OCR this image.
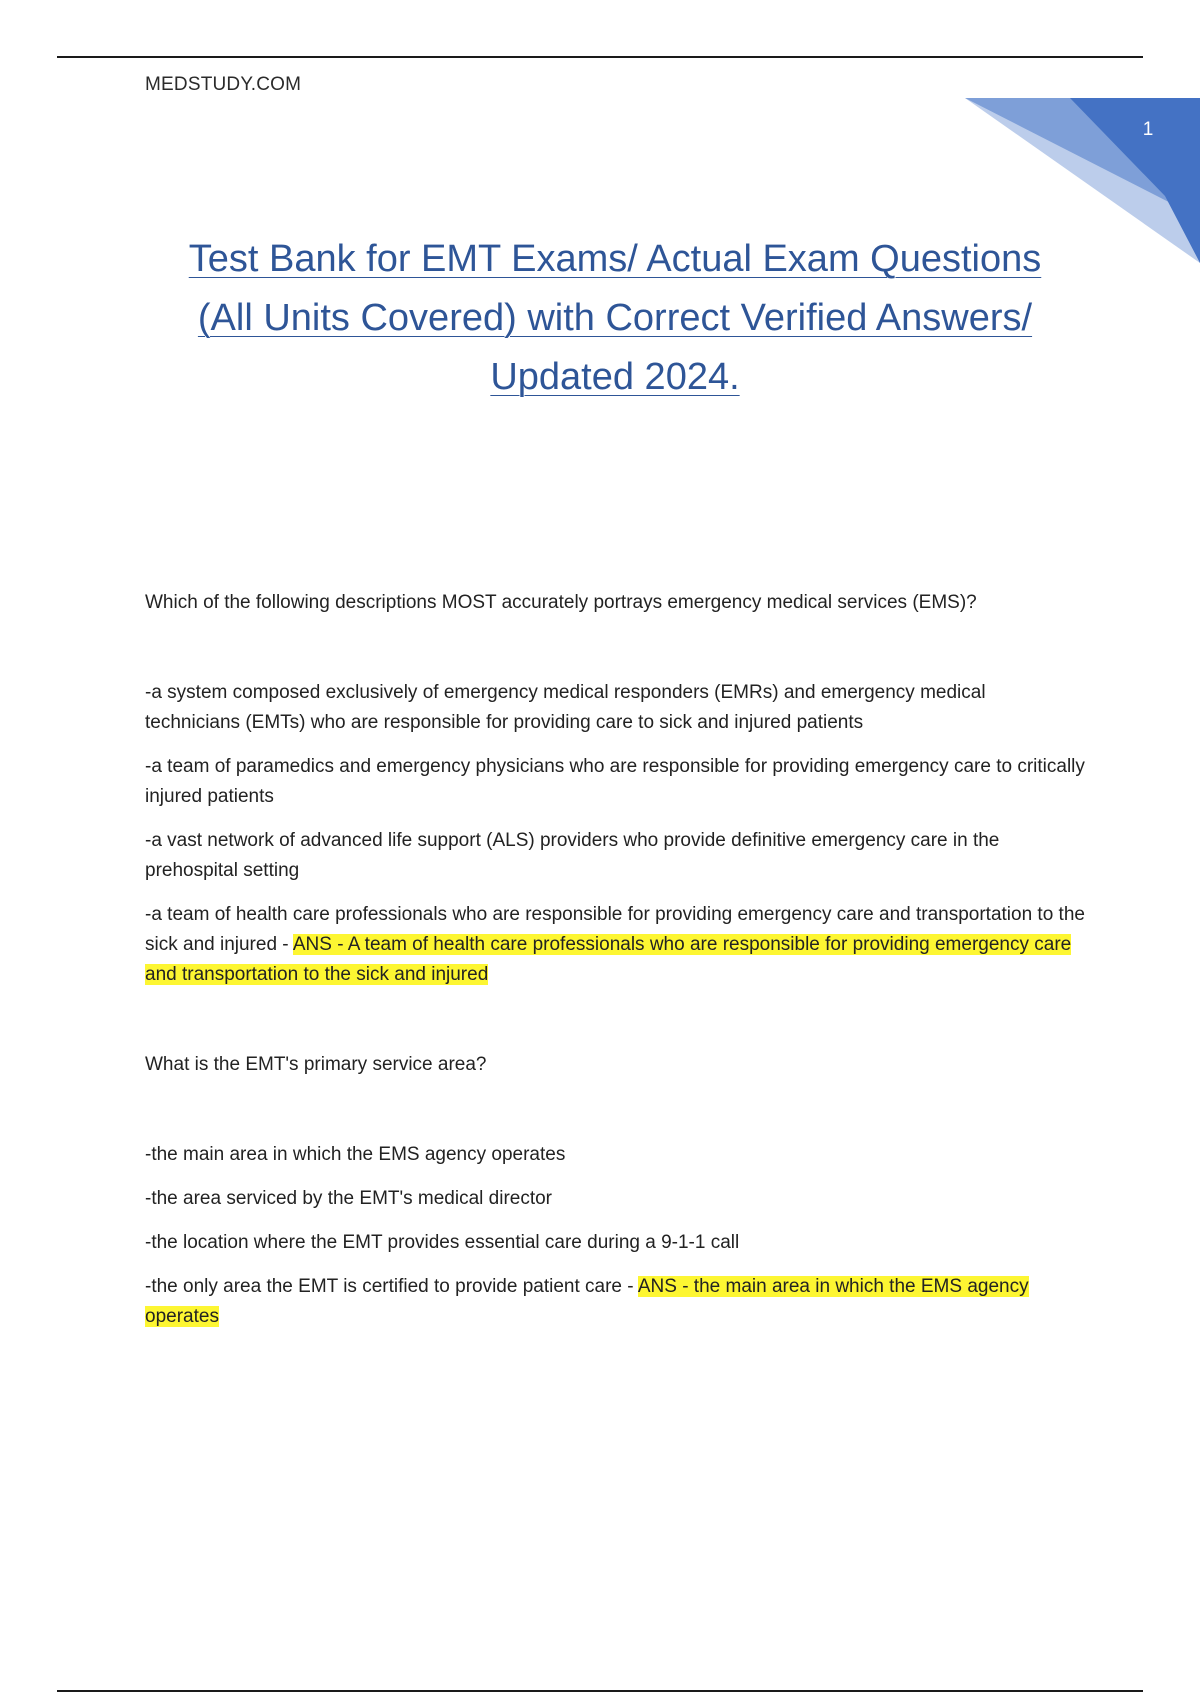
MEDSTUDY.COM
1
Test Bank for EMT Exams/ Actual Exam Questions
(All Units Covered) with Correct Verified Answers/
Updated 2024.

Which of the following descriptions MOST accurately portrays emergency medical services (EMS)?

-a system composed exclusively of emergency medical responders (EMRs) and emergency medical technicians (EMTs) who are responsible for providing care to sick and injured patients

-a team of paramedics and emergency physicians who are responsible for providing emergency care to critically injured patients

-a vast network of advanced life support (ALS) providers who provide definitive emergency care in the prehospital setting

-a team of health care professionals who are responsible for providing emergency care and transportation to the sick and injured - ANS - A team of health care professionals who are responsible for providing emergency care and transportation to the sick and injured

What is the EMT's primary service area?

-the main area in which the EMS agency operates

-the area serviced by the EMT's medical director

-the location where the EMT provides essential care during a 9-1-1 call

-the only area the EMT is certified to provide patient care - ANS - the main area in which the EMS agency operates
